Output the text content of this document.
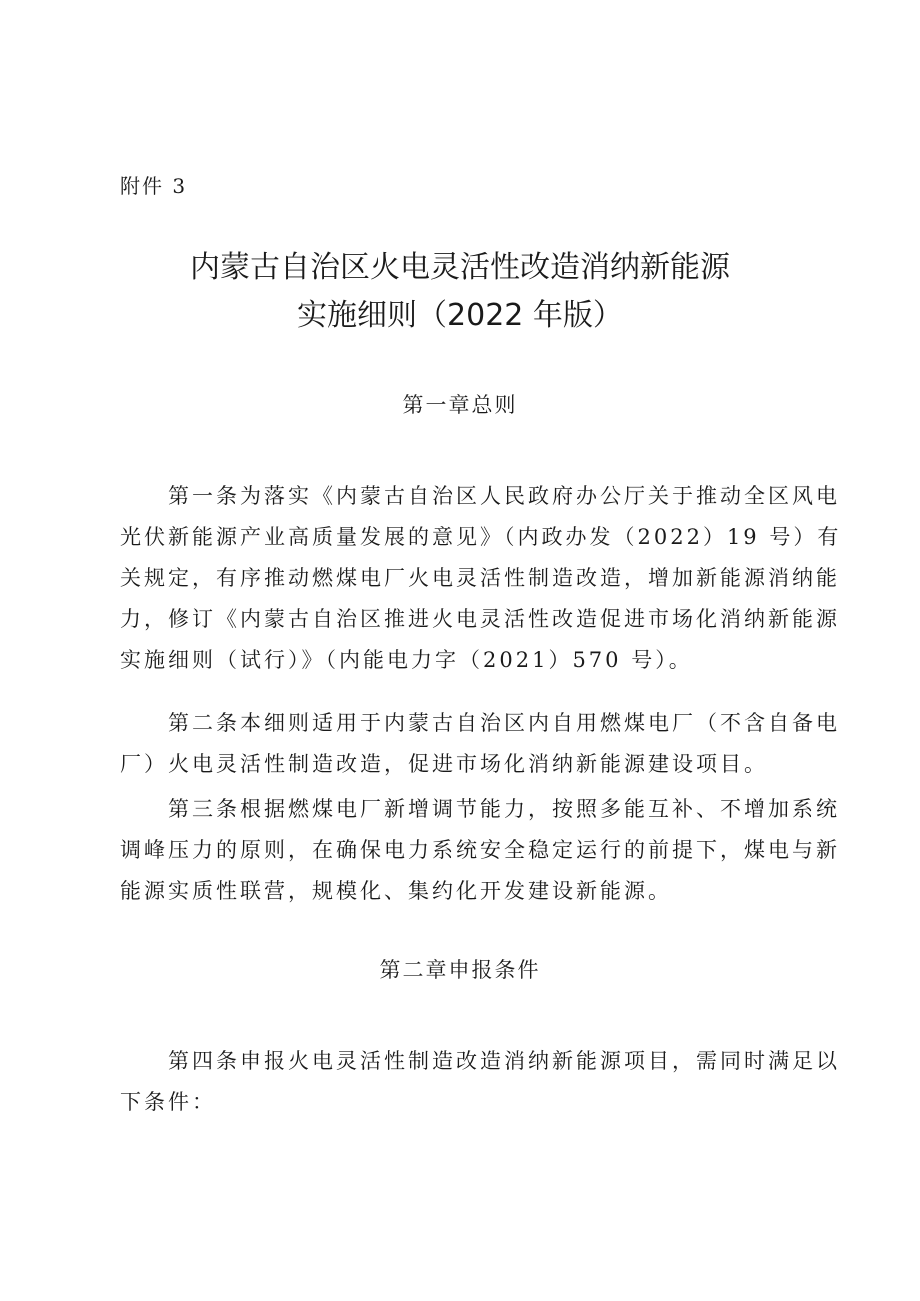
附件 3
内蒙古自治区火电灵活性改造消纳新能源
实施细则（2022 年版）
第一章总则
第一条为落实《内蒙古自治区人民政府办公厅关于推动全区风电
光伏新能源产业高质量发展的意见》（内政办发（2022）19 号）有
关规定，有序推动燃煤电厂火电灵活性制造改造，增加新能源消纳能
力，修订《内蒙古自治区推进火电灵活性改造促进市场化消纳新能源
实施细则（试行）》（内能电力字（2021）570 号）。
第二条本细则适用于内蒙古自治区内自用燃煤电厂（不含自备电
厂）火电灵活性制造改造，促进市场化消纳新能源建设项目。
第三条根据燃煤电厂新增调节能力，按照多能互补、不增加系统
调峰压力的原则，在确保电力系统安全稳定运行的前提下，煤电与新
能源实质性联营，规模化、集约化开发建设新能源。
第二章申报条件
第四条申报火电灵活性制造改造消纳新能源项目，需同时满足以
下条件：
